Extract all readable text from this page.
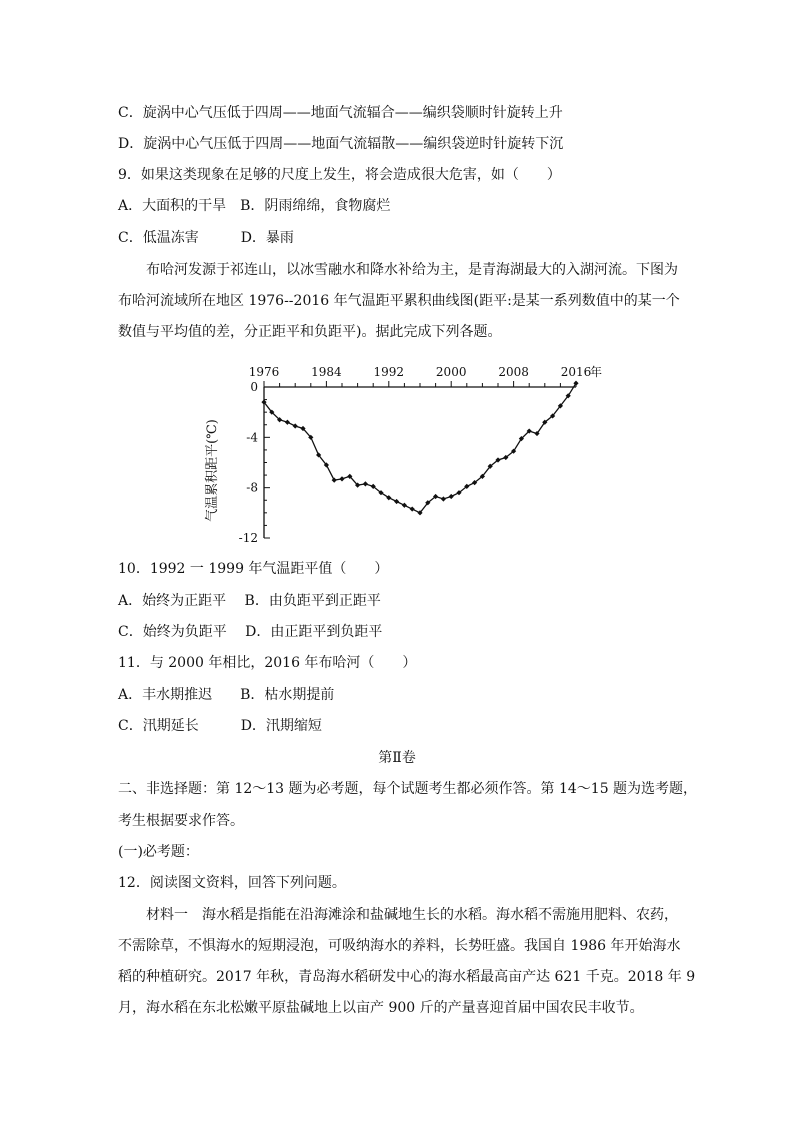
C．旋涡中心气压低于四周——地面气流辐合——编织袋顺时针旋转上升
D．旋涡中心气压低于四周——地面气流辐散——编织袋逆时针旋转下沉
9．如果这类现象在足够的尺度上发生，将会造成很大危害，如（　　）
A．大面积的干旱　B．阴雨绵绵，食物腐烂
C．低温冻害　　　D．暴雨
布哈河发源于祁连山，以冰雪融水和降水补给为主，是青海湖最大的入湖河流。下图为
布哈河流域所在地区 1976--2016 年气温距平累积曲线图(距平:是某一系列数值中的某一个
数值与平均值的差，分正距平和负距平)。据此完成下列各题。
1976	1984	1992	2000	2008	2016
年
0
-4
-8
-12
气温累积距平(℃)
10．1992 一 1999 年气温距平值（　　）
A．始终为正距平　 B．由负距平到正距平
C．始终为负距平　 D．由正距平到负距平
11．与 2000 年相比，2016 年布哈河（　　）
A．丰水期推迟　　B．枯水期提前
C．汛期延长　　　D．汛期缩短
第Ⅱ卷
二、非选择题：第 12～13 题为必考题，每个试题考生都必须作答。第 14～15 题为选考题，
考生根据要求作答。
(一)必考题：
12．阅读图文资料，回答下列问题。
材料一　海水稻是指能在沿海滩涂和盐碱地生长的水稻。海水稻不需施用肥料、农药，
不需除草，不惧海水的短期浸泡，可吸纳海水的养料，长势旺盛。我国自 1986 年开始海水
稻的种植研究。2017 年秋，青岛海水稻研发中心的海水稻最高亩产达 621 千克。2018 年 9
月，海水稻在东北松嫩平原盐碱地上以亩产 900 斤的产量喜迎首届中国农民丰收节。
